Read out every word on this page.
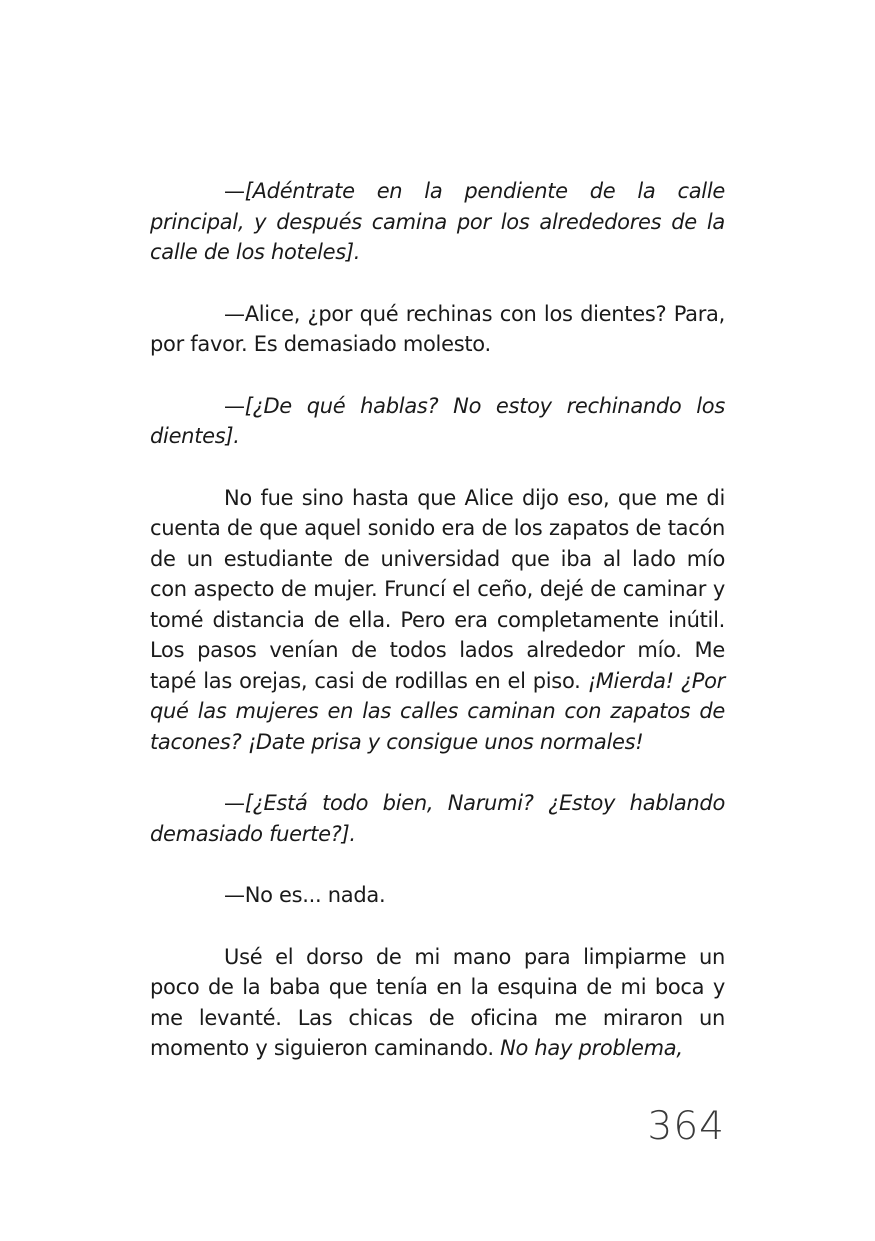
—[Adéntrate en la pendiente de la calle principal, y después camina por los alrededores de la calle de los hoteles].

—Alice, ¿por qué rechinas con los dientes? Para, por favor. Es demasiado molesto.

—[¿De qué hablas? No estoy rechinando los dientes].

No fue sino hasta que Alice dijo eso, que me di cuenta de que aquel sonido era de los zapatos de tacón de un estudiante de universidad que iba al lado mío con aspecto de mujer. Fruncí el ceño, dejé de caminar y tomé distancia de ella. Pero era completamente inútil. Los pasos venían de todos lados alrededor mío. Me tapé las orejas, casi de rodillas en el piso. ¡Mierda! ¿Por qué las mujeres en las calles caminan con zapatos de tacones? ¡Date prisa y consigue unos normales!

—[¿Está todo bien, Narumi? ¿Estoy hablando demasiado fuerte?].

—No es... nada.

Usé el dorso de mi mano para limpiarme un poco de la baba que tenía en la esquina de mi boca y me levanté. Las chicas de oficina me miraron un momento y siguieron caminando. No hay problema,

364
